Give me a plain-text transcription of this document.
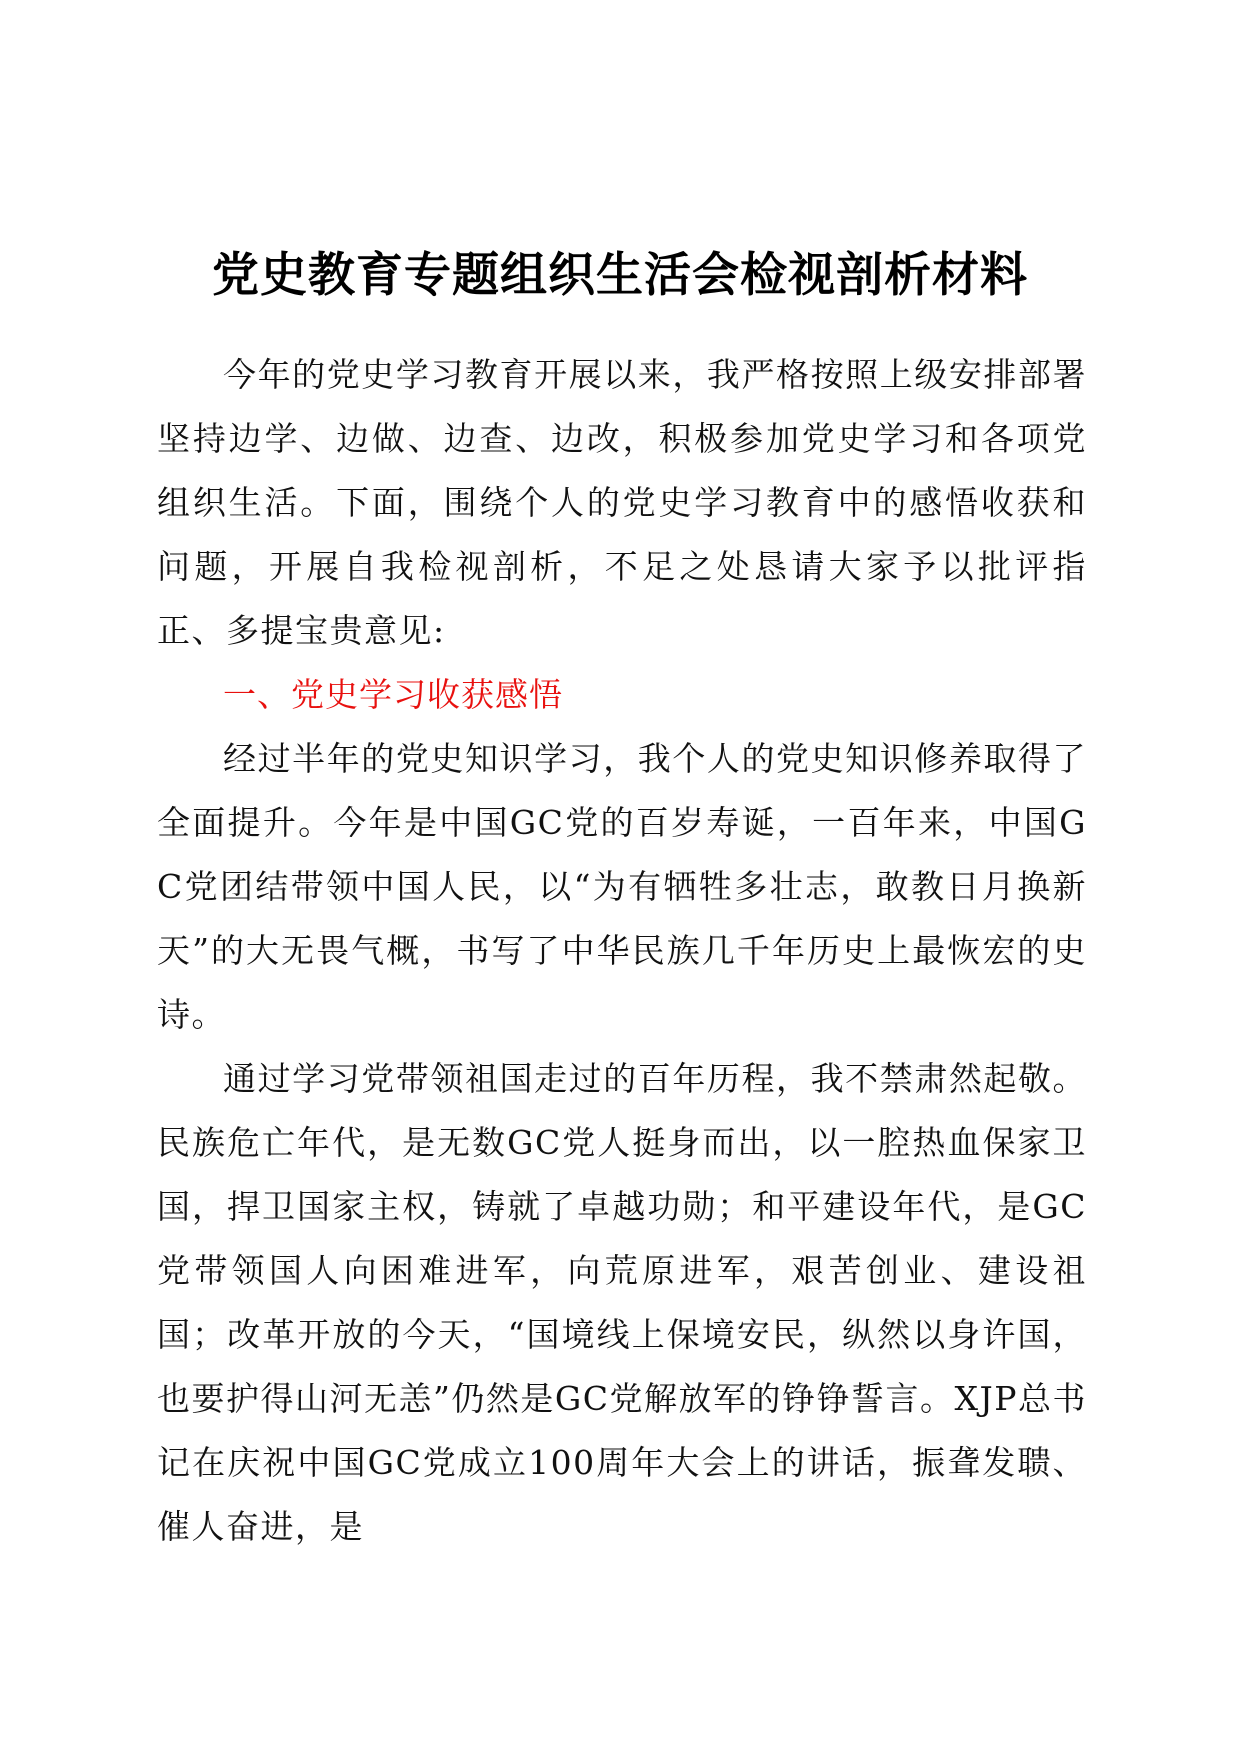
党史教育专题组织生活会检视剖析材料

今年的党史学习教育开展以来，我严格按照上级安排部署坚持边学、边做、边查、边改，积极参加党史学习和各项党组织生活。下面，围绕个人的党史学习教育中的感悟收获和问题，开展自我检视剖析，不足之处恳请大家予以批评指正、多提宝贵意见:

一、党史学习收获感悟

经过半年的党史知识学习，我个人的党史知识修养取得了全面提升。今年是中国GC党的百岁寿诞，一百年来，中国GC党团结带领中国人民，以“为有牺牲多壮志，敢教日月换新天”的大无畏气概，书写了中华民族几千年历史上最恢宏的史诗。

通过学习党带领祖国走过的百年历程，我不禁肃然起敬。民族危亡年代，是无数GC党人挺身而出，以一腔热血保家卫国，捍卫国家主权，铸就了卓越功勋；和平建设年代，是GC党带领国人向困难进军，向荒原进军，艰苦创业、建设祖国；改革开放的今天，“国境线上保境安民，纵然以身许国，也要护得山河无恙”仍然是GC党解放军的铮铮誓言。XJP总书记在庆祝中国GC党成立100周年大会上的讲话，振聋发聩、催人奋进，是
